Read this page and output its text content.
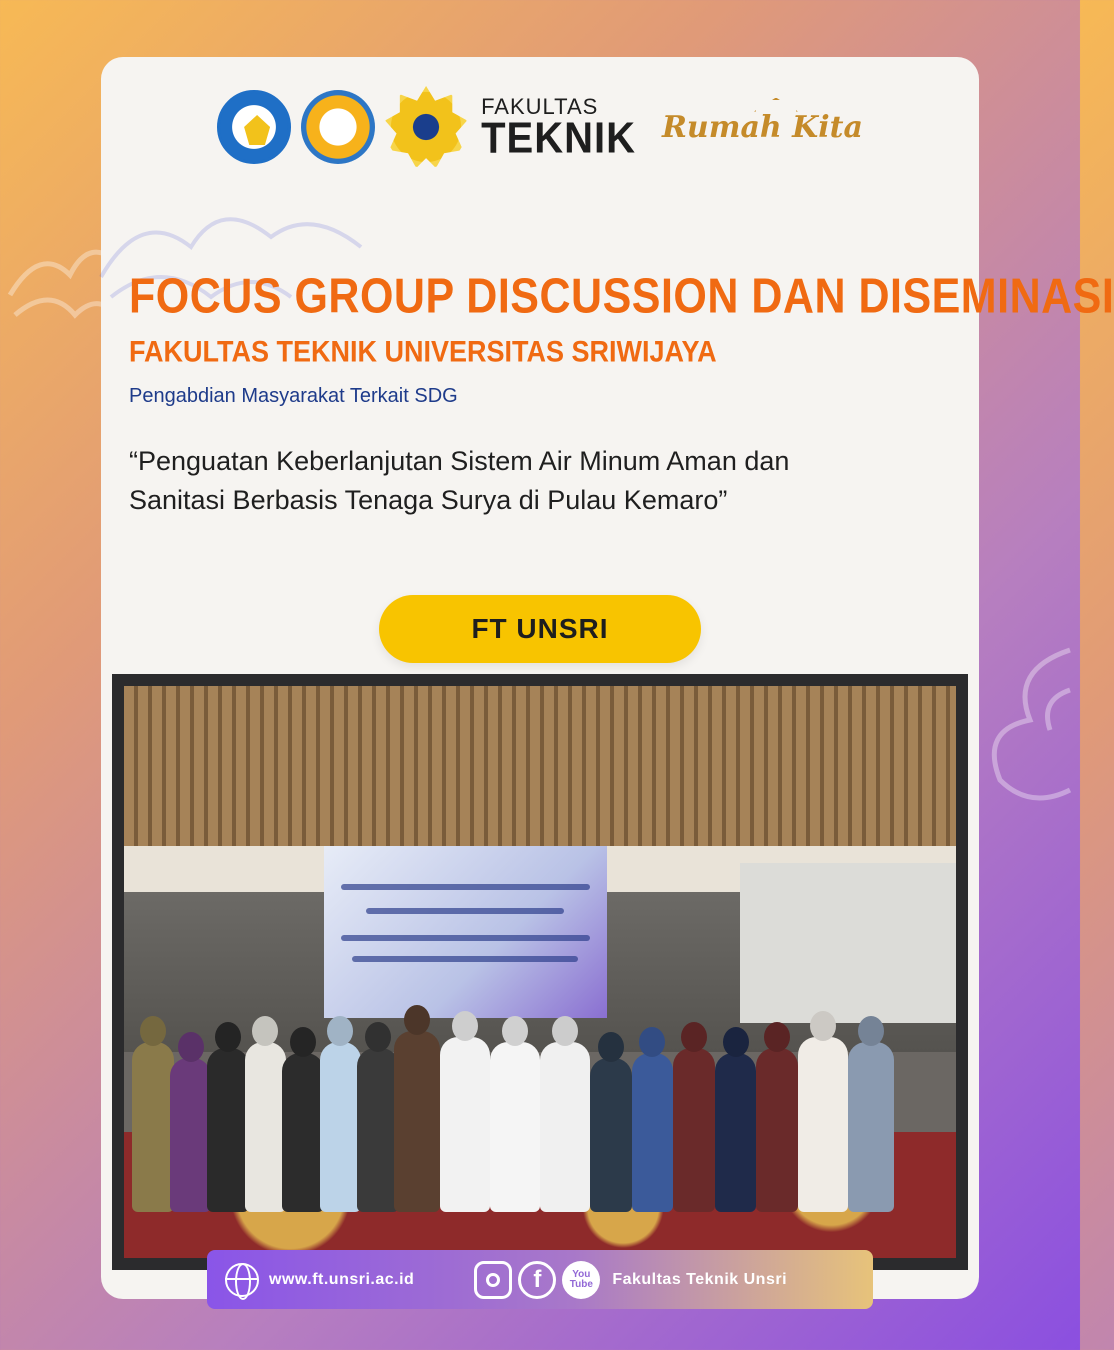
FAKULTAS
TEKNIK Rumah Kita
FOCUS GROUP DISCUSSION DAN DISEMINASI
FAKULTAS TEKNIK UNIVERSITAS SRIWIJAYA
Pengabdian Masyarakat Terkait SDG
“Penguatan Keberlanjutan Sistem Air Minum Aman dan
Sanitasi Berbasis Tenaga Surya di Pulau Kemaro”
FT UNSRI
www.ft.unsri.ac.id	f	You
Tube Fakultas Teknik Unsri
